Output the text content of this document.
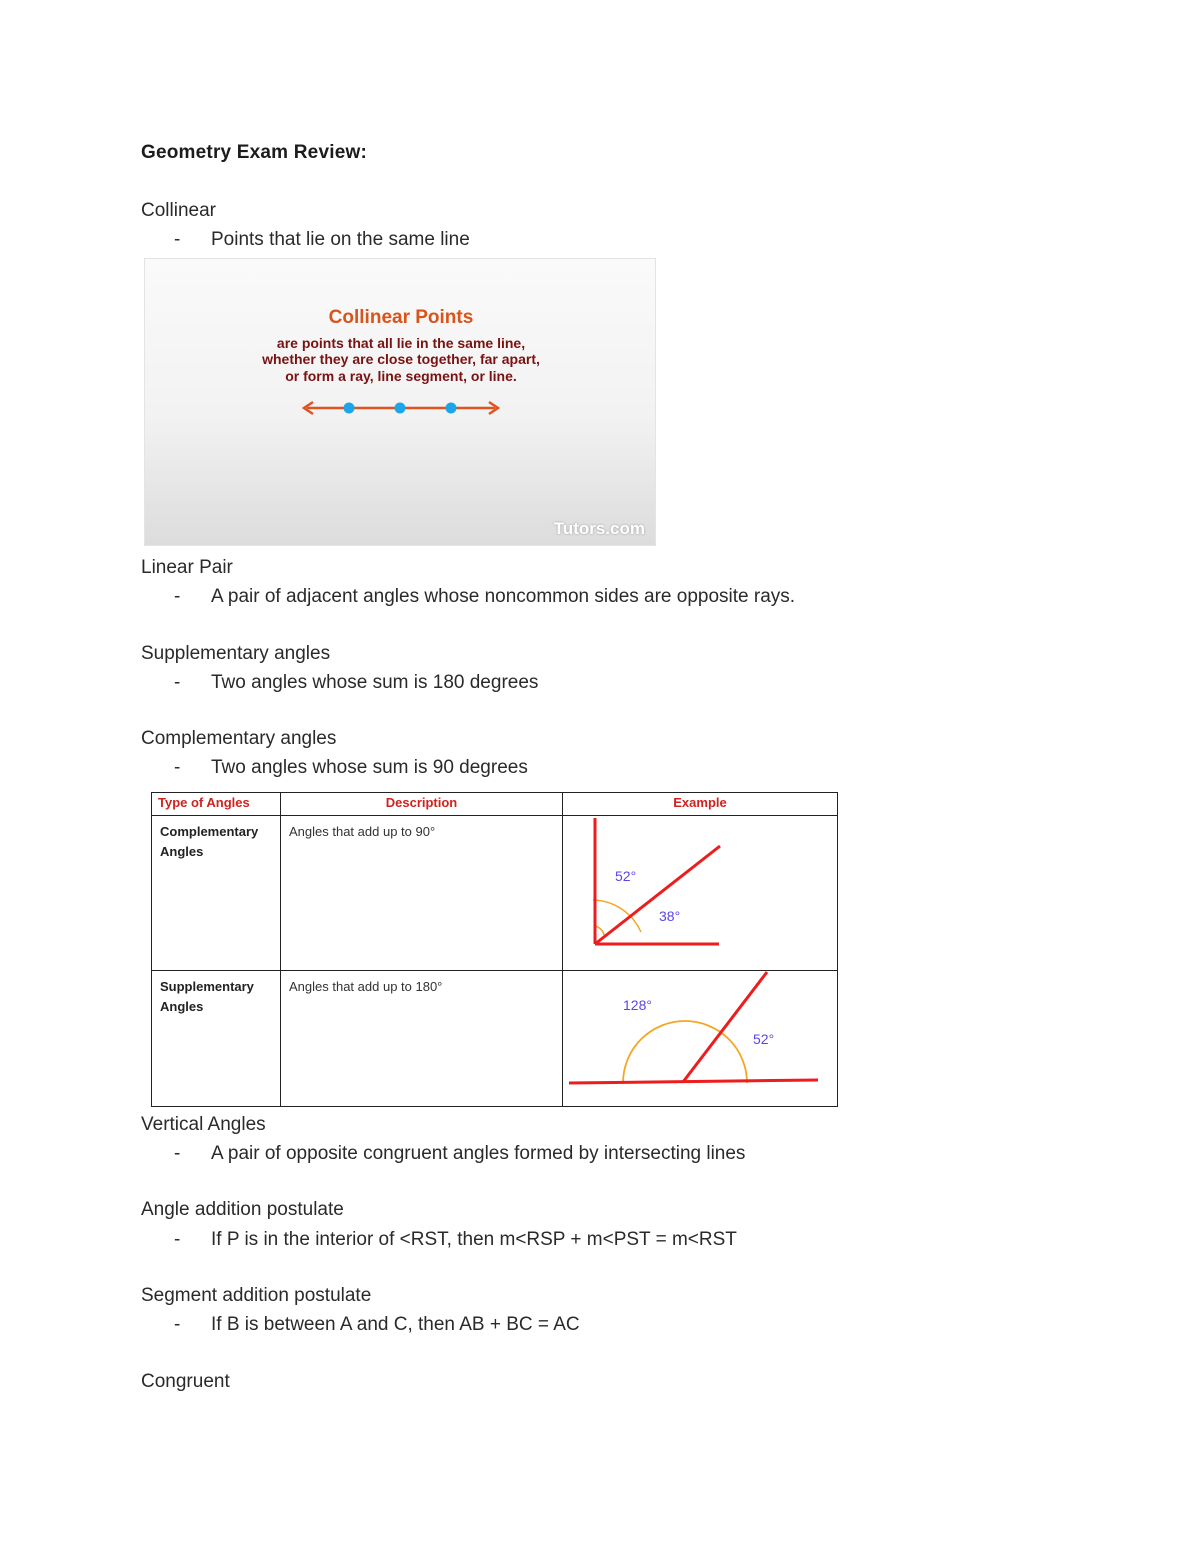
Geometry Exam Review:
Collinear
- Points that lie on the same line
Collinear Points
are points that all lie in the same line,
whether they are close together, far apart,
or form a ray, line segment, or line.
Tutors.com
Linear Pair
- A pair of adjacent angles whose noncommon sides are opposite rays.
Supplementary angles
- Two angles whose sum is 180 degrees
Complementary angles
- Two angles whose sum is 90 degrees
Type of Angles	Description	Example
Complementary Angles	Angles that add up to 90°	52°
38°

Supplementary Angles	Angles that add up to 180°	128°
52°
Vertical Angles
- A pair of opposite congruent angles formed by intersecting lines
Angle addition postulate
- If P is in the interior of <RST, then m<RSP + m<PST = m<RST
Segment addition postulate
- If B is between A and C, then AB + BC = AC
Congruent
